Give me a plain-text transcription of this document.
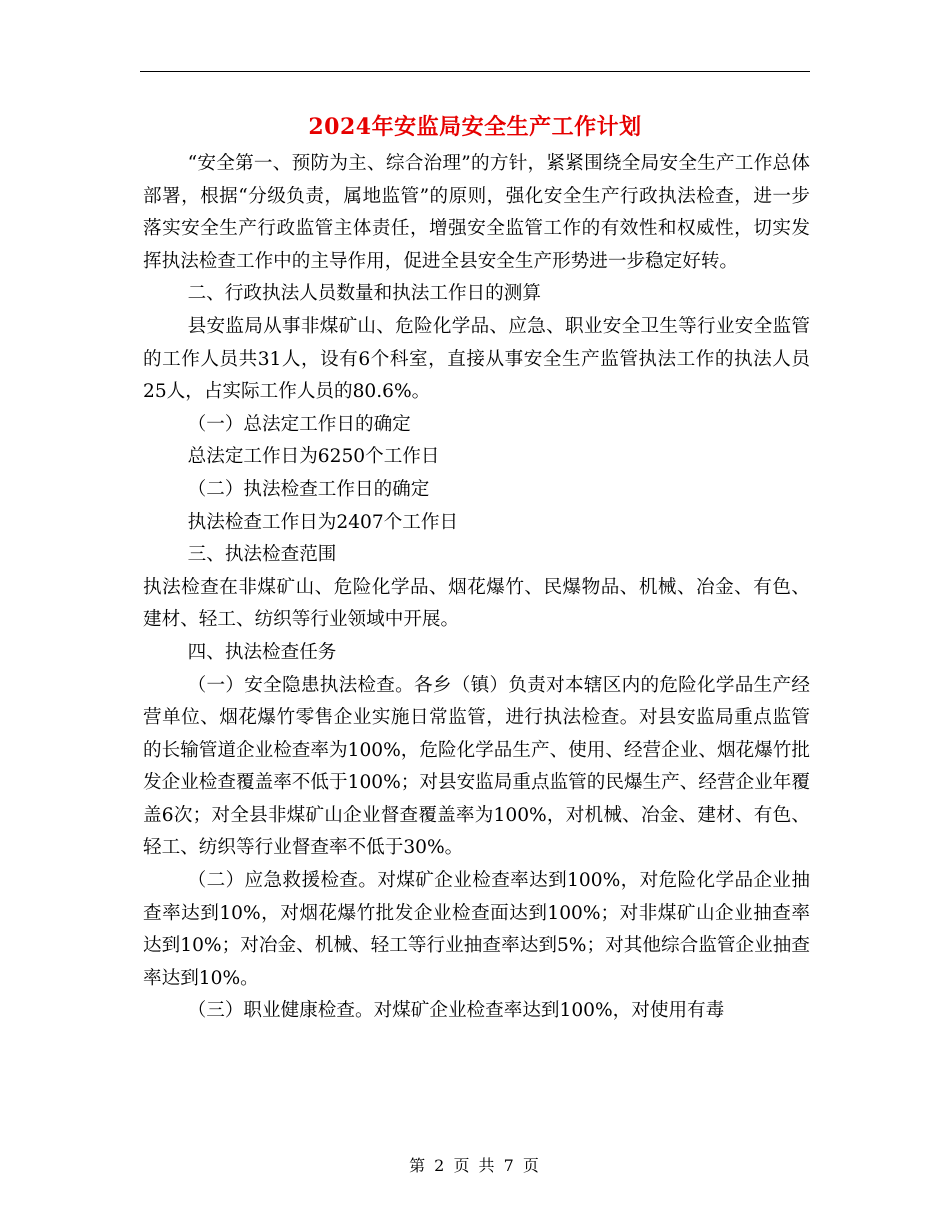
2024年安监局安全生产工作计划

“安全第一、预防为主、综合治理”的方针，紧紧围绕全局安全生产工作总体部署，根据“分级负责，属地监管”的原则，强化安全生产行政执法检查，进一步落实安全生产行政监管主体责任，增强安全监管工作的有效性和权威性，切实发挥执法检查工作中的主导作用，促进全县安全生产形势进一步稳定好转。

二、行政执法人员数量和执法工作日的测算

县安监局从事非煤矿山、危险化学品、应急、职业安全卫生等行业安全监管的工作人员共31人，设有6个科室，直接从事安全生产监管执法工作的执法人员25人，占实际工作人员的80.6%。

（一）总法定工作日的确定

总法定工作日为6250个工作日

（二）执法检查工作日的确定

执法检查工作日为2407个工作日

三、执法检查范围

执法检查在非煤矿山、危险化学品、烟花爆竹、民爆物品、机械、冶金、有色、建材、轻工、纺织等行业领域中开展。

四、执法检查任务

（一）安全隐患执法检查。各乡（镇）负责对本辖区内的危险化学品生产经营单位、烟花爆竹零售企业实施日常监管，进行执法检查。对县安监局重点监管的长输管道企业检查率为100%，危险化学品生产、使用、经营企业、烟花爆竹批发企业检查覆盖率不低于100%；对县安监局重点监管的民爆生产、经营企业年覆盖6次；对全县非煤矿山企业督查覆盖率为100%，对机械、冶金、建材、有色、轻工、纺织等行业督查率不低于30%。

（二）应急救援检查。对煤矿企业检查率达到100%，对危险化学品企业抽查率达到10%，对烟花爆竹批发企业检查面达到100%；对非煤矿山企业抽查率达到10%；对冶金、机械、轻工等行业抽查率达到5%；对其他综合监管企业抽查率达到10%。

（三）职业健康检查。对煤矿企业检查率达到100%，对使用有毒

第 2 页 共 7 页
